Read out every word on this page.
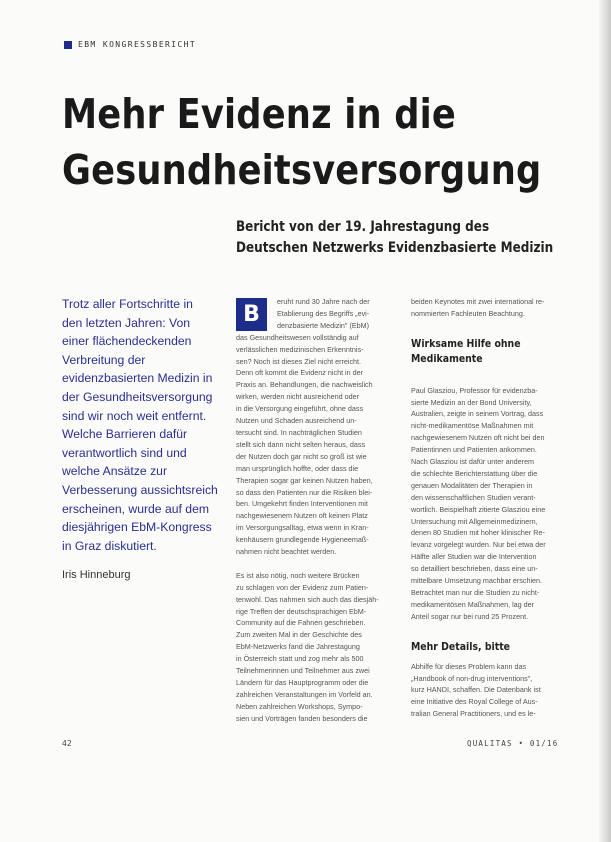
EBM KONGRESSBERICHT
Mehr Evidenz in die
Gesundheitsversorgung
Bericht von der 19. Jahrestagung des
Deutschen Netzwerks Evidenzbasierte Medizin
Trotz aller Fortschritte in
den letzten Jahren: Von
einer flächendeckenden
Verbreitung der
evidenzbasierten Medizin in
der Gesundheitsversorgung
sind wir noch weit entfernt.
Welche Barrieren dafür
verantwortlich sind und
welche Ansätze zur
Verbesserung aussichtsreich
erscheinen, wurde auf dem
diesjährigen EbM-Kongress
in Graz diskutiert.
Iris Hinneburg
B
eruht rund 30 Jahre nach der
Etablierung des Begriffs „evi-
denzbasierte Medizin" (EbM)
das Gesundheitswesen vollständig auf
verlässlichen medizinischen Erkenntnis-
sen? Noch ist dieses Ziel nicht erreicht.
Denn oft kommt die Evidenz nicht in der
Praxis an. Behandlungen, die nachweislich
wirken, werden nicht ausreichend oder
in die Versorgung eingeführt, ohne dass
Nutzen und Schaden ausreichend un-
tersucht sind. In nachträglichen Studien
stellt sich dann nicht selten heraus, dass
der Nutzen doch gar nicht so groß ist wie
man ursprünglich hoffte, oder dass die
Therapien sogar gar keinen Nutzen haben,
so dass den Patienten nur die Risiken blei-
ben. Umgekehrt finden Interventionen mit
nachgewiesenem Nutzen oft keinen Platz
im Versorgungsalltag, etwa wenn in Kran-
kenhäusern grundlegende Hygieneemaß-
nahmen nicht beachtet werden.
Es ist also nötig, noch weitere Brücken
zu schlagen von der Evidenz zum Patien-
tenwohl. Das nahmen sich auch das diesjäh-
rige Treffen der deutschsprachigen EbM-
Community auf die Fahnen geschrieben.
Zum zweiten Mal in der Geschichte des
EbM-Netzwerks fand die Jahrestagung
in Österreich statt und zog mehr als 500
Teilnehmerinnen und Teilnehmer aus zwei
Ländern für das Hauptprogramm oder die
zahlreichen Veranstaltungen im Vorfeld an.
Neben zahlreichen Workshops, Sympo-
sien und Vorträgen fanden besonders die
beiden Keynotes mit zwei international re-
nommierten Fachleuten Beachtung.
Wirksame Hilfe ohne
Medikamente
Paul Glasziou, Professor für evidenzba-
sierte Medizin an der Bond University,
Australien, zeigte in seinem Vortrag, dass
nicht-medikamentöse Maßnahmen mit
nachgewiesenem Nutzen oft nicht bei den
Patientinnen und Patienten ankommen.
Nach Glasziou ist dafür unter anderem
die schlechte Berichterstattung über die
genauen Modalitäten der Therapien in
den wissenschaftlichen Studien verant-
wortlich. Beispielhaft zitierte Glasziou eine
Untersuchung mit Allgemeinmedizinern,
denen 80 Studien mit hoher klinischer Re-
levanz vorgelegt wurden. Nur bei etwa der
Hälfte aller Studien war die Intervention
so detailliert beschrieben, dass eine un-
mittelbare Umsetzung machbar erschien.
Betrachtet man nur die Studien zu nicht-
medikamentösen Maßnahmen, lag der
Anteil sogar nur bei rund 25 Prozent.
Mehr Details, bitte
Abhilfe für dieses Problem kann das
„Handbook of non-drug interventions",
kurz HANDI, schaffen. Die Datenbank ist
eine Initiative des Royal College of Aus-
tralian General Practitioners, und es le-
42	QUALITAS • 01/16
